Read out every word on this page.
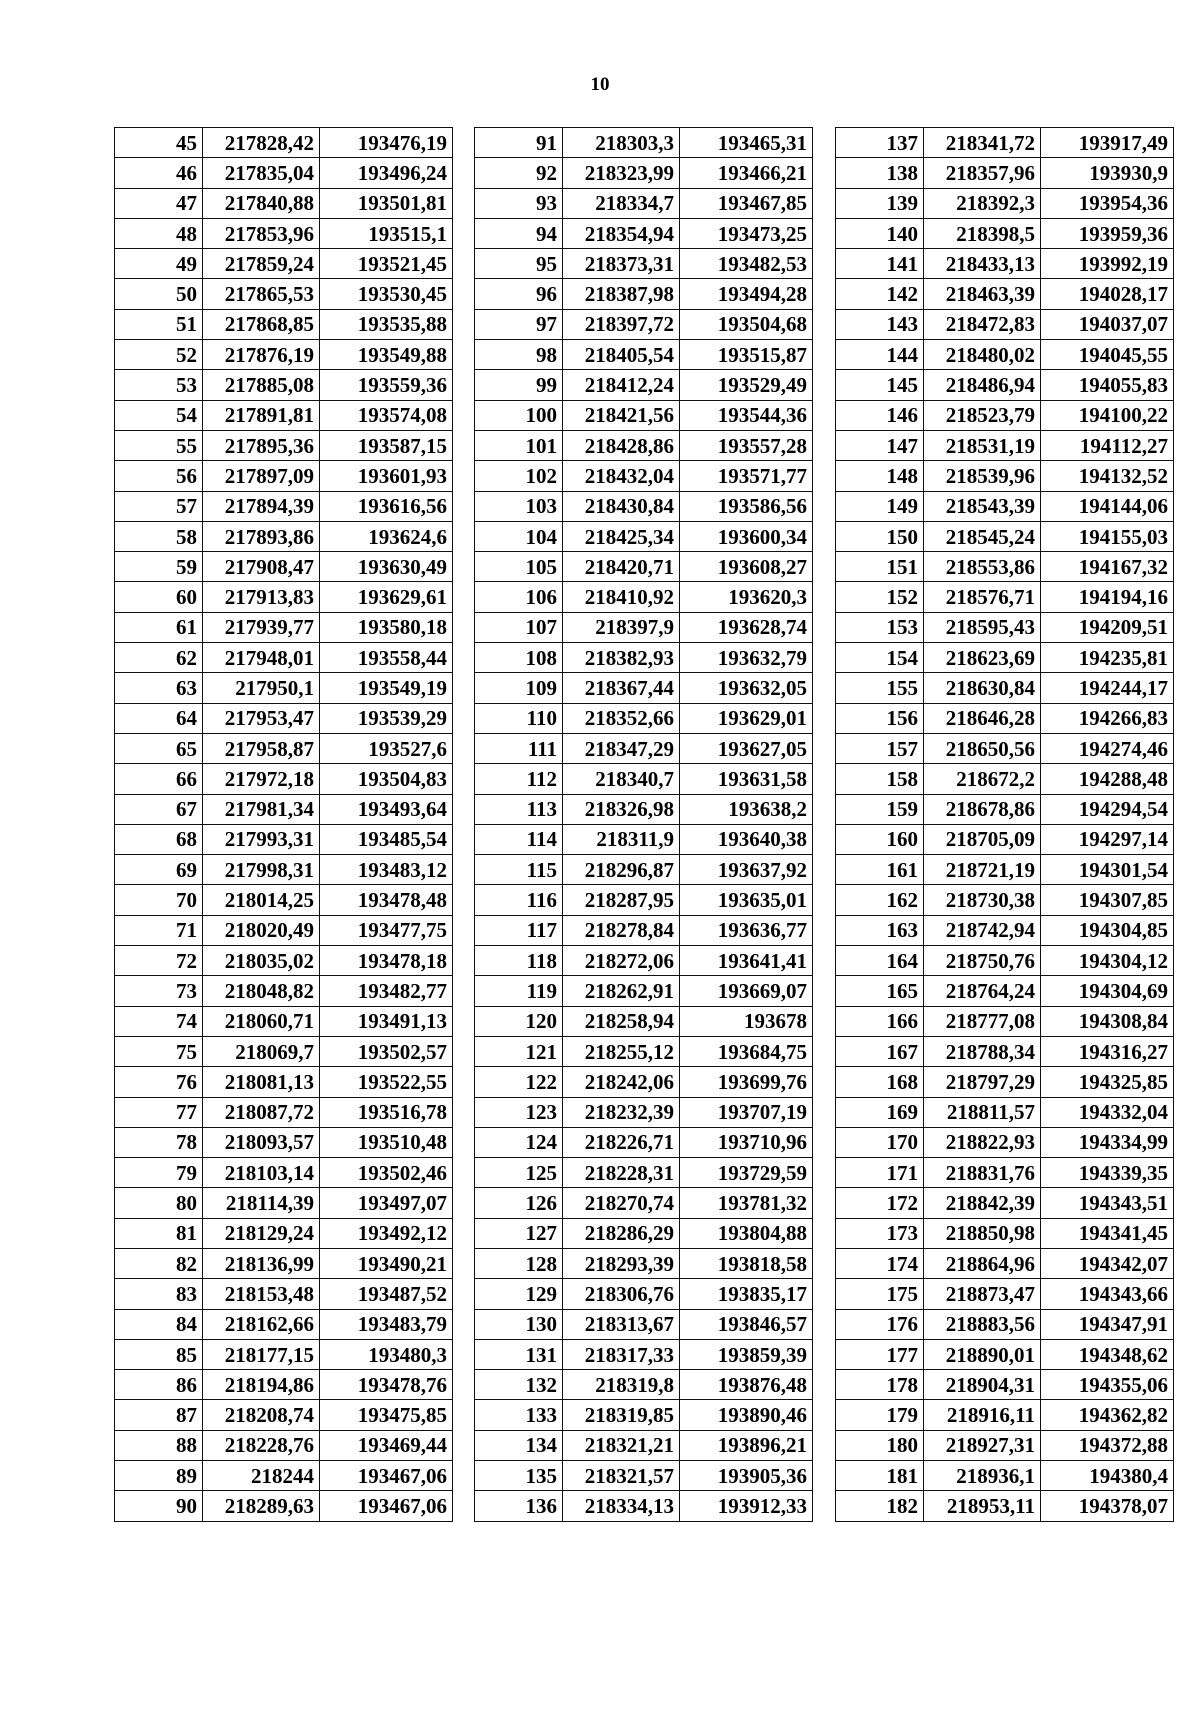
10
45	217828,42	193476,19
46	217835,04	193496,24
47	217840,88	193501,81
48	217853,96	193515,1
49	217859,24	193521,45
50	217865,53	193530,45
51	217868,85	193535,88
52	217876,19	193549,88
53	217885,08	193559,36
54	217891,81	193574,08
55	217895,36	193587,15
56	217897,09	193601,93
57	217894,39	193616,56
58	217893,86	193624,6
59	217908,47	193630,49
60	217913,83	193629,61
61	217939,77	193580,18
62	217948,01	193558,44
63	217950,1	193549,19
64	217953,47	193539,29
65	217958,87	193527,6
66	217972,18	193504,83
67	217981,34	193493,64
68	217993,31	193485,54
69	217998,31	193483,12
70	218014,25	193478,48
71	218020,49	193477,75
72	218035,02	193478,18
73	218048,82	193482,77
74	218060,71	193491,13
75	218069,7	193502,57
76	218081,13	193522,55
77	218087,72	193516,78
78	218093,57	193510,48
79	218103,14	193502,46
80	218114,39	193497,07
81	218129,24	193492,12
82	218136,99	193490,21
83	218153,48	193487,52
84	218162,66	193483,79
85	218177,15	193480,3
86	218194,86	193478,76
87	218208,74	193475,85
88	218228,76	193469,44
89	218244	193467,06
90	218289,63	193467,06
91	218303,3	193465,31
92	218323,99	193466,21
93	218334,7	193467,85
94	218354,94	193473,25
95	218373,31	193482,53
96	218387,98	193494,28
97	218397,72	193504,68
98	218405,54	193515,87
99	218412,24	193529,49
100	218421,56	193544,36
101	218428,86	193557,28
102	218432,04	193571,77
103	218430,84	193586,56
104	218425,34	193600,34
105	218420,71	193608,27
106	218410,92	193620,3
107	218397,9	193628,74
108	218382,93	193632,79
109	218367,44	193632,05
110	218352,66	193629,01
111	218347,29	193627,05
112	218340,7	193631,58
113	218326,98	193638,2
114	218311,9	193640,38
115	218296,87	193637,92
116	218287,95	193635,01
117	218278,84	193636,77
118	218272,06	193641,41
119	218262,91	193669,07
120	218258,94	193678
121	218255,12	193684,75
122	218242,06	193699,76
123	218232,39	193707,19
124	218226,71	193710,96
125	218228,31	193729,59
126	218270,74	193781,32
127	218286,29	193804,88
128	218293,39	193818,58
129	218306,76	193835,17
130	218313,67	193846,57
131	218317,33	193859,39
132	218319,8	193876,48
133	218319,85	193890,46
134	218321,21	193896,21
135	218321,57	193905,36
136	218334,13	193912,33
137	218341,72	193917,49
138	218357,96	193930,9
139	218392,3	193954,36
140	218398,5	193959,36
141	218433,13	193992,19
142	218463,39	194028,17
143	218472,83	194037,07
144	218480,02	194045,55
145	218486,94	194055,83
146	218523,79	194100,22
147	218531,19	194112,27
148	218539,96	194132,52
149	218543,39	194144,06
150	218545,24	194155,03
151	218553,86	194167,32
152	218576,71	194194,16
153	218595,43	194209,51
154	218623,69	194235,81
155	218630,84	194244,17
156	218646,28	194266,83
157	218650,56	194274,46
158	218672,2	194288,48
159	218678,86	194294,54
160	218705,09	194297,14
161	218721,19	194301,54
162	218730,38	194307,85
163	218742,94	194304,85
164	218750,76	194304,12
165	218764,24	194304,69
166	218777,08	194308,84
167	218788,34	194316,27
168	218797,29	194325,85
169	218811,57	194332,04
170	218822,93	194334,99
171	218831,76	194339,35
172	218842,39	194343,51
173	218850,98	194341,45
174	218864,96	194342,07
175	218873,47	194343,66
176	218883,56	194347,91
177	218890,01	194348,62
178	218904,31	194355,06
179	218916,11	194362,82
180	218927,31	194372,88
181	218936,1	194380,4
182	218953,11	194378,07
